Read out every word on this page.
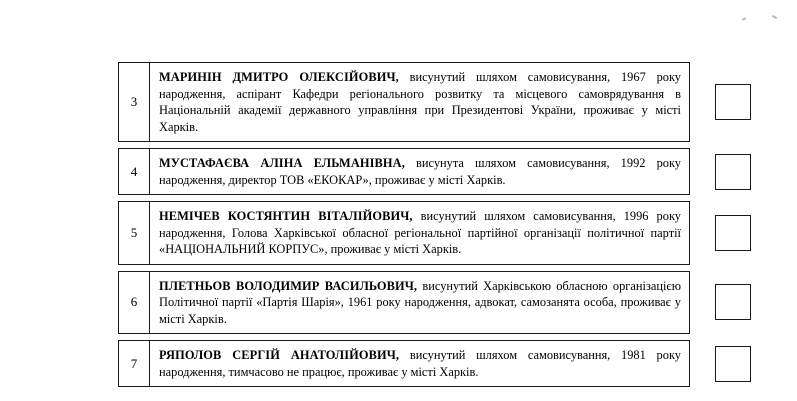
3
МАРИНІН ДМИТРО ОЛЕКСІЙОВИЧ, висунутий шляхом самовисування, 1967 року народження, аспірант Кафедри регіонального розвитку та місцевого самоврядування в Національній академії державного управління при Президентові України, проживає у місті Харків.
4
МУСТАФАЄВА АЛІНА ЕЛЬМАНІВНА, висунута шляхом самовисування, 1992 року народження, директор ТОВ «ЕКОКАР», проживає у місті Харків.
5
НЕМІЧЕВ КОСТЯНТИН ВІТАЛІЙОВИЧ, висунутий шляхом самовисування, 1996 року народження, Голова Харківської обласної регіональної партійної організації політичної партії «НАЦІОНАЛЬНИЙ КОРПУС», проживає у місті Харків.
6
ПЛЕТНЬОВ ВОЛОДИМИР ВАСИЛЬОВИЧ, висунутий Харківською обласною організацією Політичної партії «Партія Шарія», 1961 року народження, адвокат, самозанята особа, проживає у місті Харків.
7
РЯПОЛОВ СЕРГІЙ АНАТОЛІЙОВИЧ, висунутий шляхом самовисування, 1981 року народження, тимчасово не працює, проживає у місті Харків.
